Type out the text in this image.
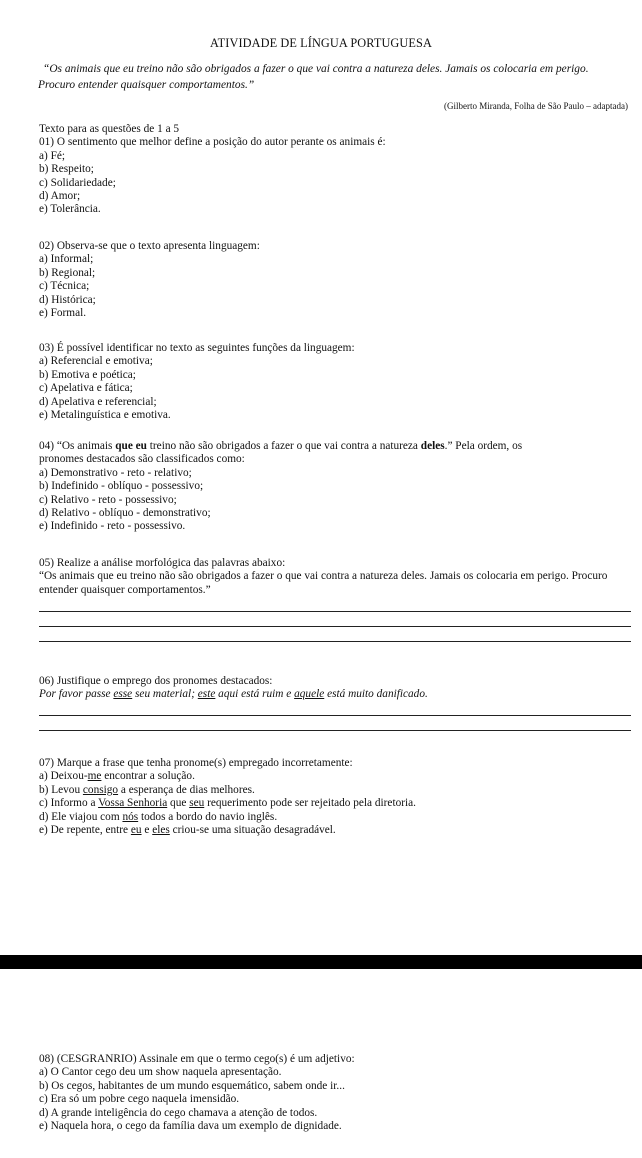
ATIVIDADE DE LÍNGUA PORTUGUESA
“Os animais que eu treino não são obrigados a fazer o que vai contra a natureza deles. Jamais os colocaria em perigo. Procuro entender quaisquer comportamentos.”
(Gilberto Miranda, Folha de São Paulo – adaptada)
Texto para as questões de 1 a 5
01) O sentimento que melhor define a posição do autor perante os animais é:
a) Fé;
b) Respeito;
c) Solidariedade;
d) Amor;
e) Tolerância.
02) Observa-se que o texto apresenta linguagem:
a) Informal;
b) Regional;
c) Técnica;
d) Histórica;
e) Formal.
03) É possível identificar no texto as seguintes funções da linguagem:
a) Referencial e emotiva;
b) Emotiva e poética;
c) Apelativa e fática;
d) Apelativa e referencial;
e) Metalinguística e emotiva.
04) “Os animais que eu treino não são obrigados a fazer o que vai contra a natureza deles.” Pela ordem, os
pronomes destacados são classificados como:
a) Demonstrativo - reto - relativo;
b) Indefinido - oblíquo - possessivo;
c) Relativo - reto - possessivo;
d) Relativo - oblíquo - demonstrativo;
e) Indefinido - reto - possessivo.
05) Realize a análise morfológica das palavras abaixo:
“Os animais que eu treino não são obrigados a fazer o que vai contra a natureza deles. Jamais os colocaria em perigo. Procuro entender quaisquer comportamentos.”
06) Justifique o emprego dos pronomes destacados:
Por favor passe esse seu material; este aqui está ruim e aquele está muito danificado.
07) Marque a frase que tenha pronome(s) empregado incorretamente:
a) Deixou-me encontrar a solução.
b) Levou consigo a esperança de dias melhores.
c) Informo a Vossa Senhoria que seu requerimento pode ser rejeitado pela diretoria.
d) Ele viajou com nós todos a bordo do navio inglês.
e) De repente, entre eu e eles criou-se uma situação desagradável.
08) (CESGRANRIO) Assinale em que o termo cego(s) é um adjetivo:
a) O Cantor cego deu um show naquela apresentação.
b) Os cegos, habitantes de um mundo esquemático, sabem onde ir...
c) Era só um pobre cego naquela imensidão.
d) A grande inteligência do cego chamava a atenção de todos.
e) Naquela hora, o cego da família dava um exemplo de dignidade.
